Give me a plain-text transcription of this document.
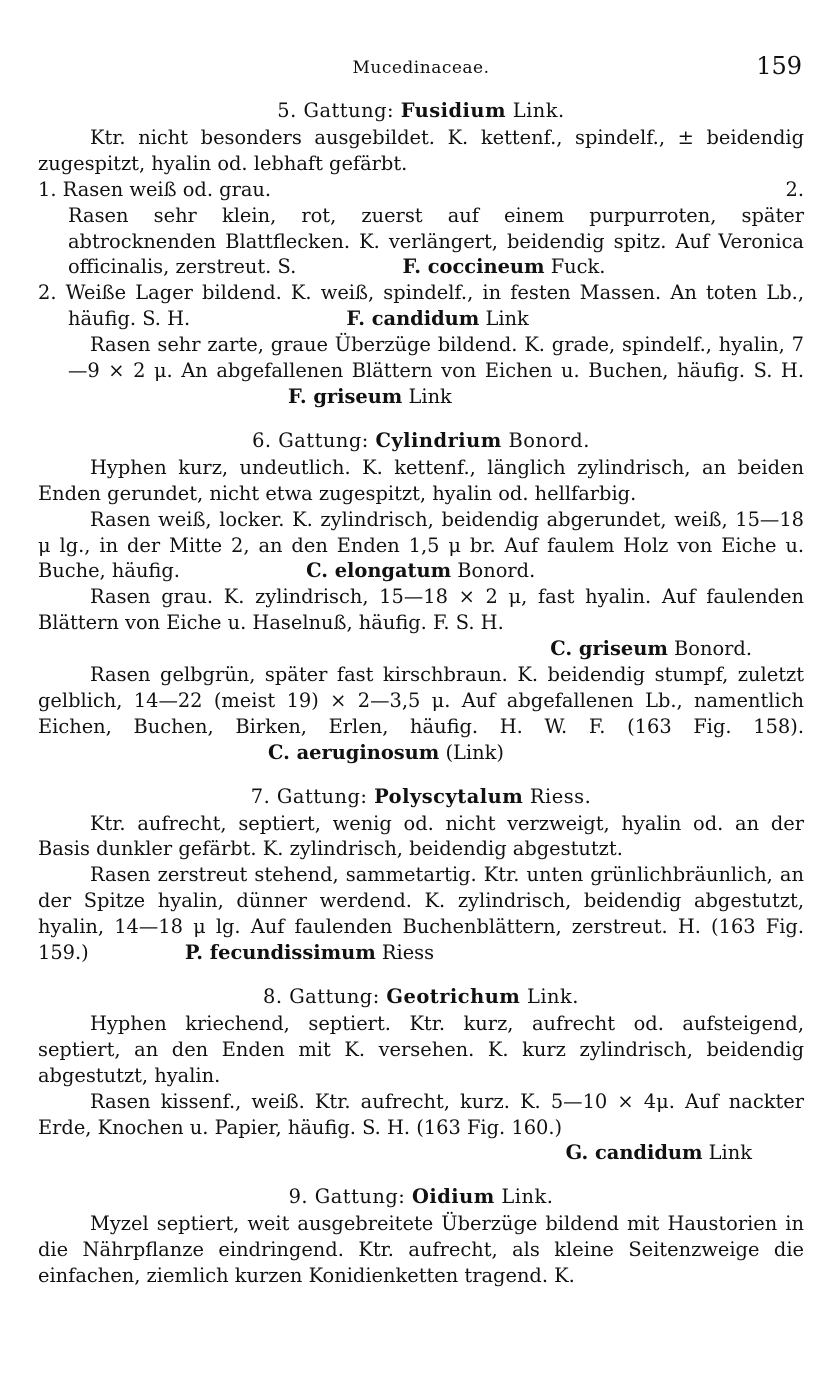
Mucedinaceae.	159
5. Gattung: Fusidium Link.

Ktr. nicht besonders ausgebildet. K. kettenf., spindelf., ± beidendig zugespitzt, hyalin od. lebhaft gefärbt.

1. Rasen weiß od. grau.	2.

Rasen sehr klein, rot, zuerst auf einem purpurroten, später abtrocknenden Blattflecken. K. verlängert, beidendig spitz. Auf Veronica officinalis, zerstreut. S.	F. coccineum Fuck.

2. Weiße Lager bildend. K. weiß, spindelf., in festen Massen. An toten Lb., häufig. S. H.	F. candidum Link

Rasen sehr zarte, graue Überzüge bildend. K. grade, spindelf., hyalin, 7—9 × 2 μ. An abgefallenen Blättern von Eichen u. Buchen, häufig. S. H. F. griseum Link

6. Gattung: Cylindrium Bonord.

Hyphen kurz, undeutlich. K. kettenf., länglich zylindrisch, an beiden Enden gerundet, nicht etwa zugespitzt, hyalin od. hellfarbig.

Rasen weiß, locker. K. zylindrisch, beidendig abgerundet, weiß, 15—18 μ lg., in der Mitte 2, an den Enden 1,5 μ br. Auf faulem Holz von Eiche u. Buche, häufig.	C. elongatum Bonord.

Rasen grau. K. zylindrisch, 15—18 × 2 μ, fast hyalin. Auf faulenden Blättern von Eiche u. Haselnuß, häufig. F. S. H.

C. griseum Bonord.

Rasen gelbgrün, später fast kirschbraun. K. beidendig stumpf, zuletzt gelblich, 14—22 (meist 19) × 2—3,5 μ. Auf abgefallenen Lb., namentlich Eichen, Buchen, Birken, Erlen, häufig. H. W. F. (163 Fig. 158). C. aeruginosum (Link)

7. Gattung: Polyscytalum Riess.

Ktr. aufrecht, septiert, wenig od. nicht verzweigt, hyalin od. an der Basis dunkler gefärbt. K. zylindrisch, beidendig abgestutzt.

Rasen zerstreut stehend, sammetartig. Ktr. unten grünlichbräunlich, an der Spitze hyalin, dünner werdend. K. zylindrisch, beidendig abgestutzt, hyalin, 14—18 μ lg. Auf faulenden Buchenblättern, zerstreut. H. (163 Fig. 159.)	P. fecundissimum Riess

8. Gattung: Geotrichum Link.

Hyphen kriechend, septiert. Ktr. kurz, aufrecht od. aufsteigend, septiert, an den Enden mit K. versehen. K. kurz zylindrisch, beidendig abgestutzt, hyalin.

Rasen kissenf., weiß. Ktr. aufrecht, kurz. K. 5—10 × 4μ. Auf nackter Erde, Knochen u. Papier, häufig. S. H. (163 Fig. 160.)

G. candidum Link
9. Gattung: Oidium Link.

Myzel septiert, weit ausgebreitete Überzüge bildend mit Haustorien in die Nährpflanze eindringend. Ktr. aufrecht, als kleine Seitenzweige die einfachen, ziemlich kurzen Konidienketten tragend. K.
